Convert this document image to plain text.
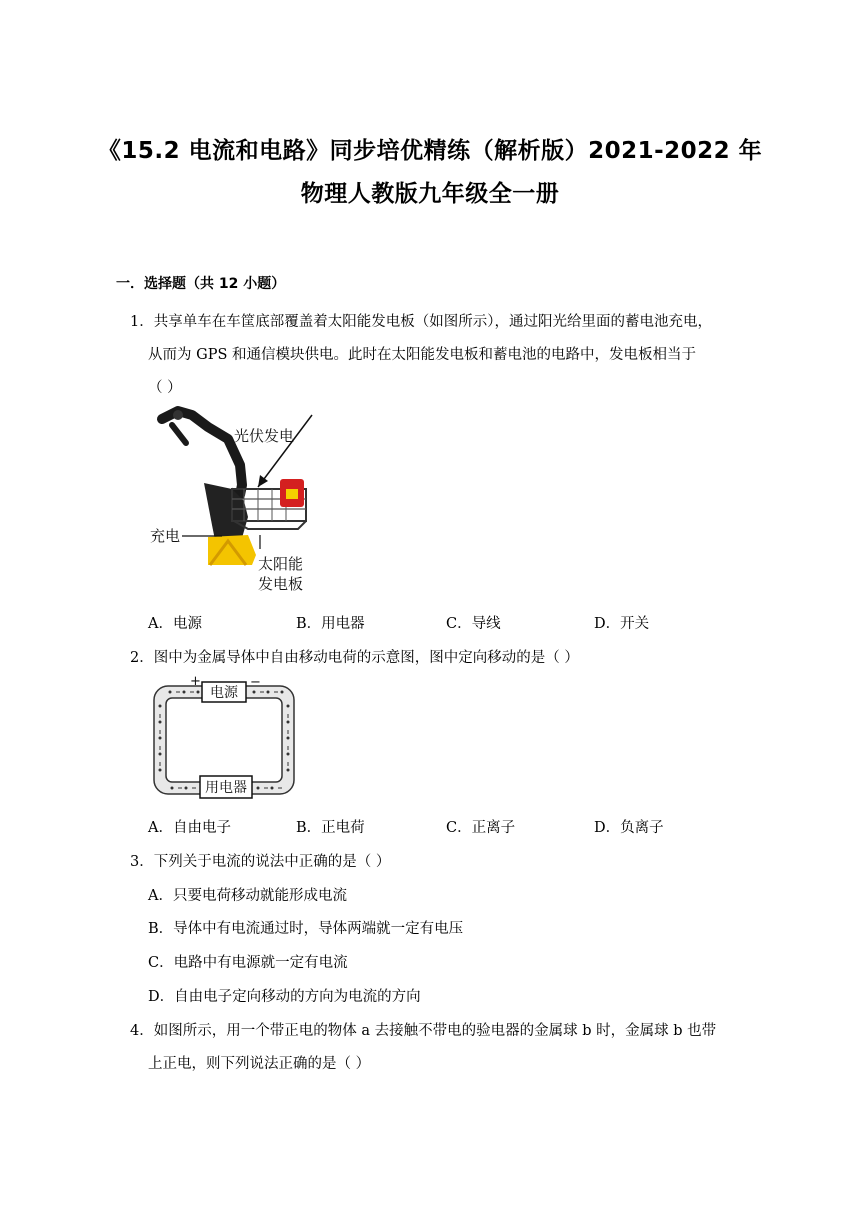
《15.2 电流和电路》同步培优精练（解析版）2021-2022 年
物理人教版九年级全一册
一．选择题（共 12 小题）
1．共享单车在车筐底部覆盖着太阳能发电板（如图所示），通过阳光给里面的蓄电池充电，
从而为 GPS 和通信模块供电。此时在太阳能发电板和蓄电池的电路中，发电板相当于
（ ）
光伏发电
充电
太阳能
发电板
A．电源	B．用电器	C．导线	D．开关
2．图中为金属导体中自由移动电荷的示意图，图中定向移动的是（ ）
电源
+	−
用电器
A．自由电子	B．正电荷	C．正离子	D．负离子
3．下列关于电流的说法中正确的是（ ）
A．只要电荷移动就能形成电流
B．导体中有电流通过时，导体两端就一定有电压
C．电路中有电源就一定有电流
D．自由电子定向移动的方向为电流的方向
4．如图所示，用一个带正电的物体 a 去接触不带电的验电器的金属球 b 时，金属球 b 也带
上正电，则下列说法正确的是（ ）
